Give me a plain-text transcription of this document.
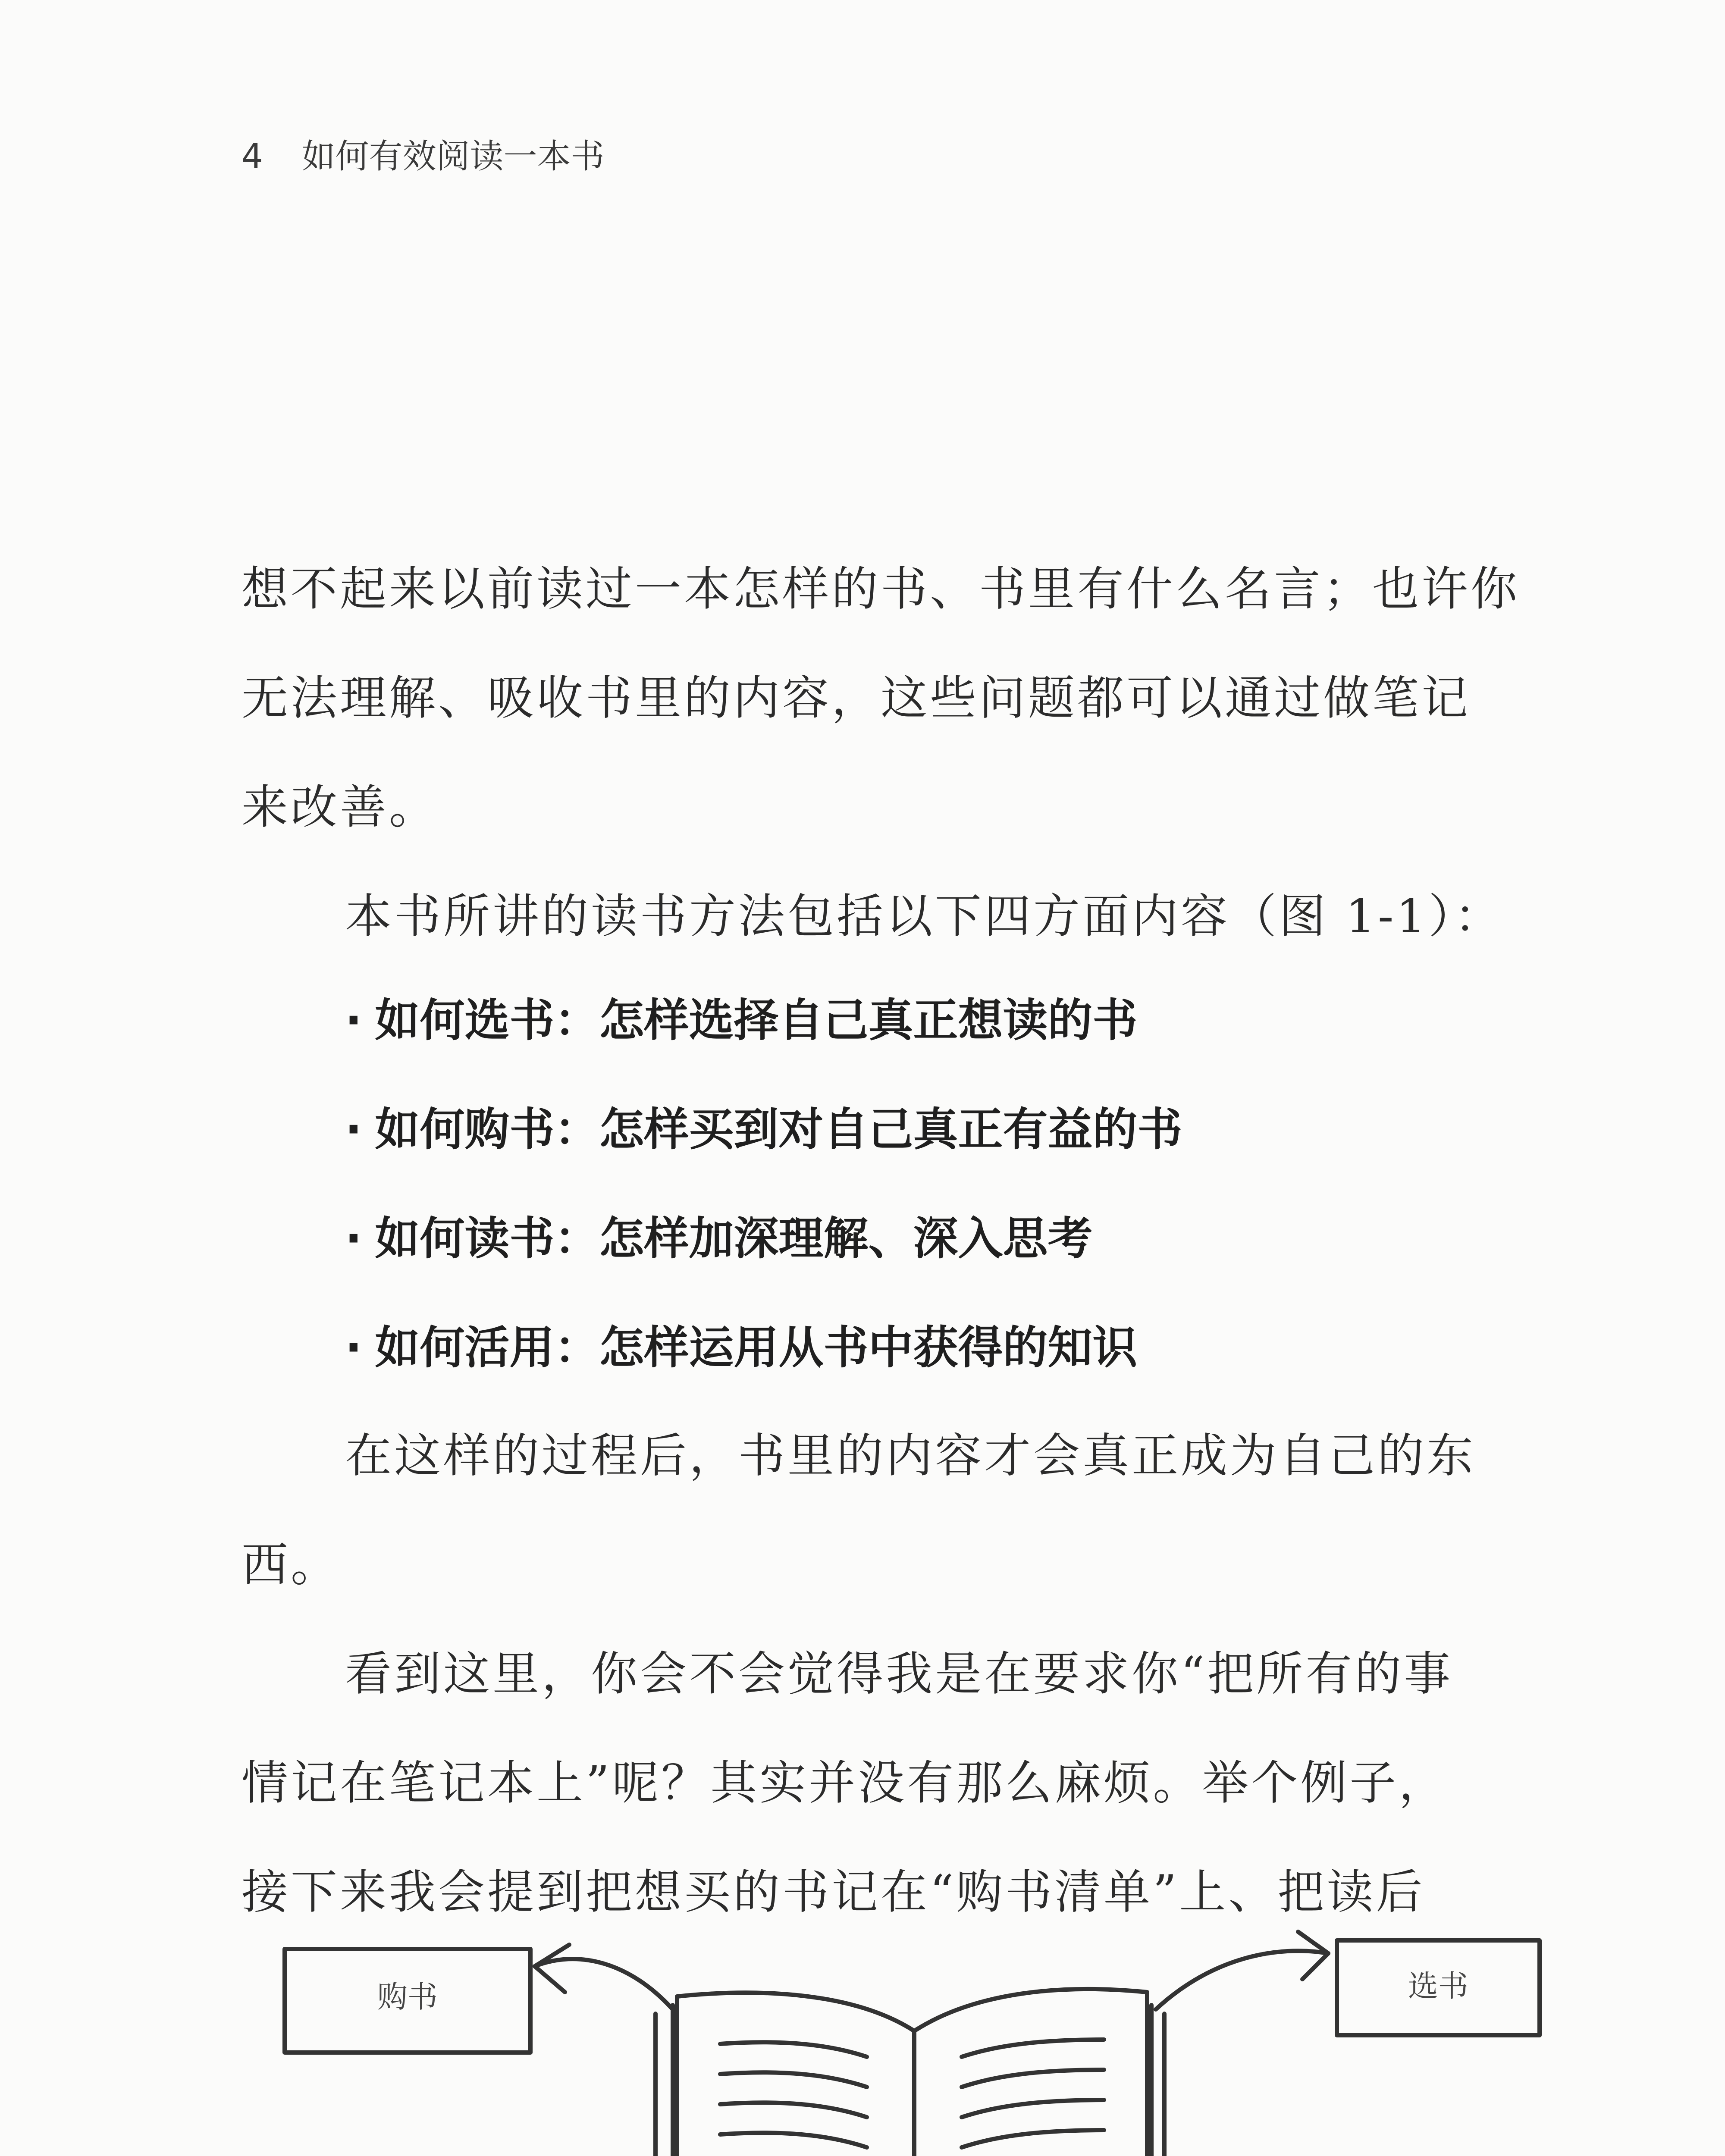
4 如何有效阅读一本书

想不起来以前读过一本怎样的书、书里有什么名言；也许你

无法理解、吸收书里的内容，这些问题都可以通过做笔记

来改善。

本书所讲的读书方法包括以下四方面内容（图 1-1）：

· 如何选书：怎样选择自己真正想读的书

· 如何购书：怎样买到对自己真正有益的书

· 如何读书：怎样加深理解、深入思考

· 如何活用：怎样运用从书中获得的知识

在这样的过程后，书里的内容才会真正成为自己的东西。

看到这里，你会不会觉得我是在要求你“把所有的事

情记在笔记本上”呢？其实并没有那么麻烦。举个例子，

接下来我会提到把想买的书记在“购书清单”上、把读后

购书	选书
